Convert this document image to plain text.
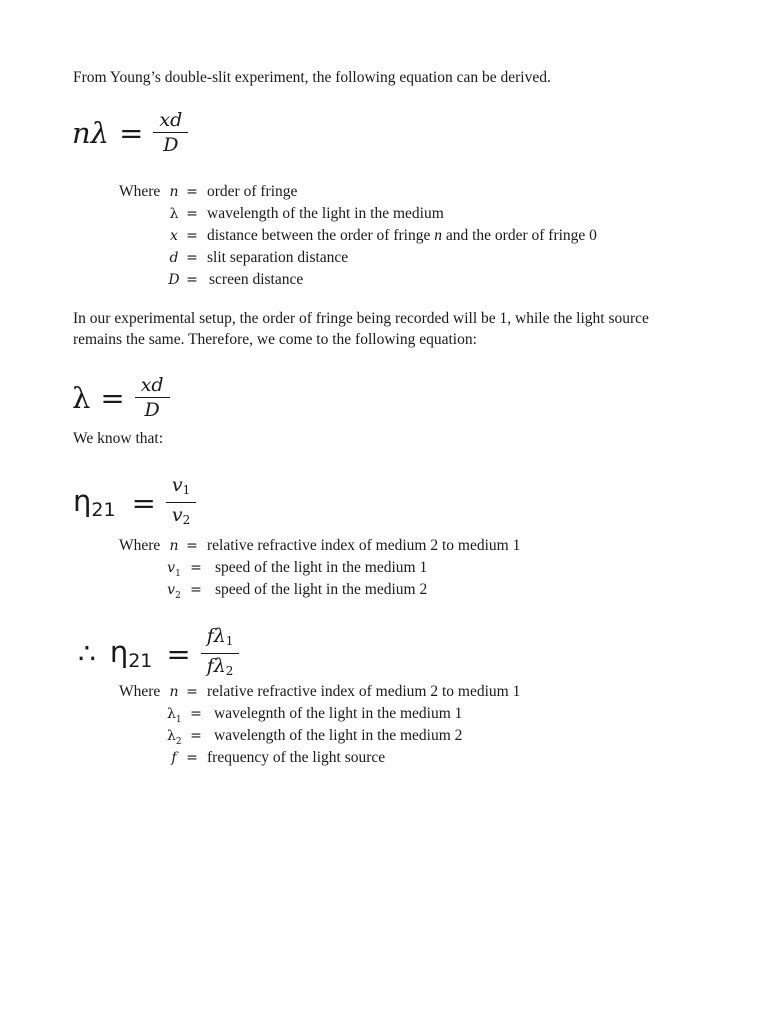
From Young’s double-slit experiment, the following equation can be derived.

$n\lambda = \frac{xd}{D}$
Where n = order of fringe
λ = wavelength of the light in the medium
x = distance between the order of fringe n and the order of fringe 0
d = slit separation distance
D = screen distance

In our experimental setup, the order of fringe being recorded will be 1, while the light source remains the same. Therefore, we come to the following equation:

$\lambda = \frac{xd}{D}$

We know that:

$\eta_{21} = \frac{v_1}{v_2}$
Where n = relative refractive index of medium 2 to medium 1
$v_1$ = speed of the light in the medium 1
$v_2$ = speed of the light in the medium 2
∴ $\eta_{21} = \frac{f\lambda_1}{f\lambda_2}$
Where n = relative refractive index of medium 2 to medium 1
$\lambda_1$ = wavelegnth of the light in the medium 1
$\lambda_2$ = wavelength of the light in the medium 2
f = frequency of the light source
